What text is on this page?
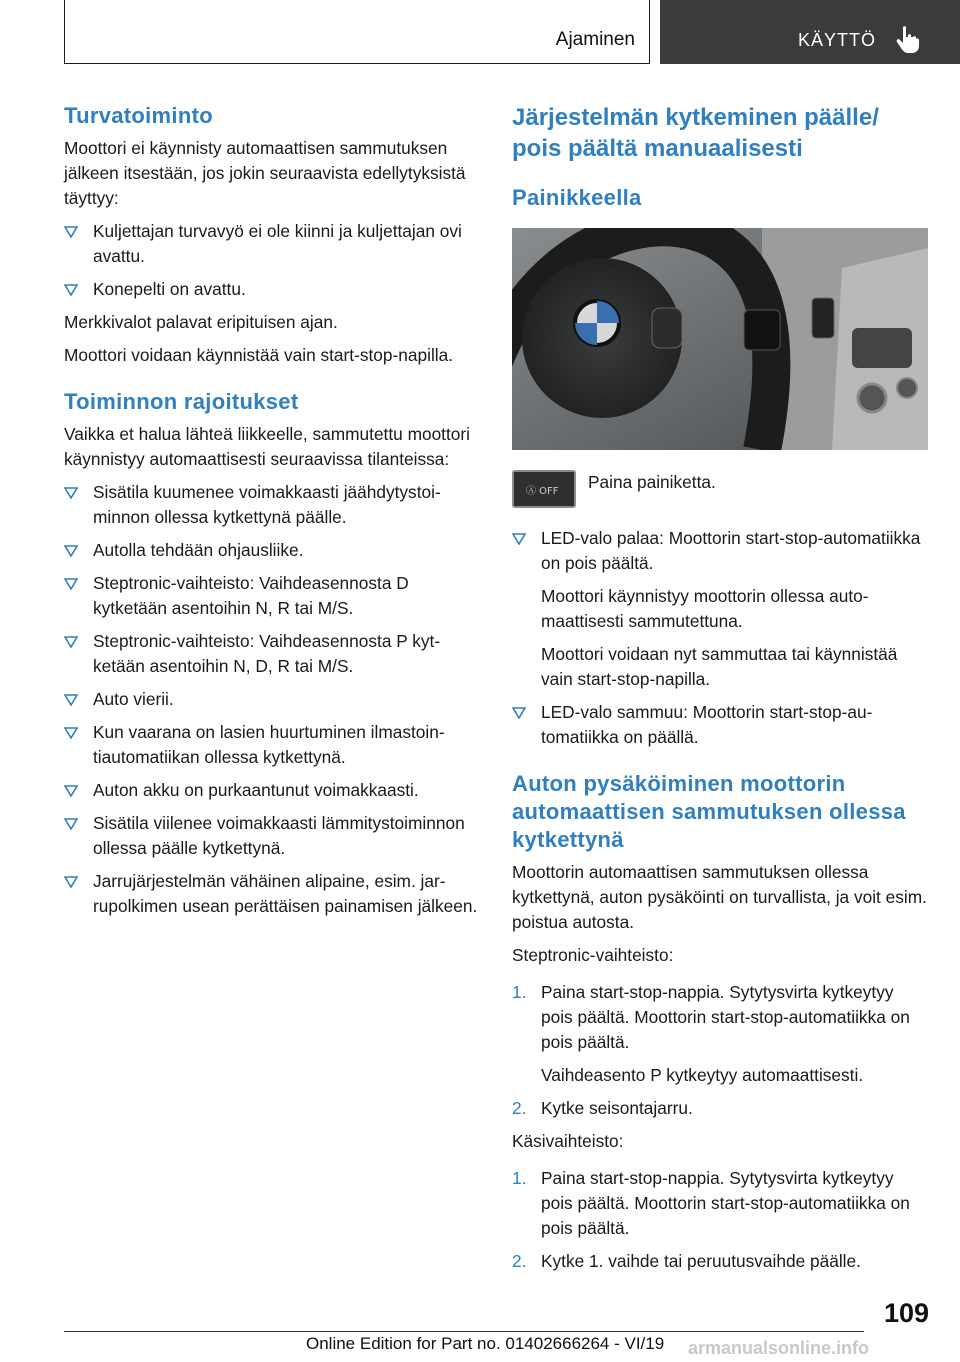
Ajaminen	KÄYTTÖ
Turvatoiminto
Moottori ei käynnisty automaattisen sammutuksen jälkeen itsestään, jos jokin seuraavista edellytyksistä täyttyy:
Kuljettajan turvavyö ei ole kiinni ja kuljettajan ovi avattu.
Konepelti on avattu.
Merkkivalot palavat eripituisen ajan.
Moottori voidaan käynnistää vain start-stop-napilla.
Toiminnon rajoitukset
Vaikka et halua lähteä liikkeelle, sammutettu moottori käynnistyy automaattisesti seuraavissa tilanteissa:
Sisätila kuumenee voimakkaasti jäähdytystoiminnon ollessa kytkettynä päälle.
Autolla tehdään ohjausliike.
Steptronic-vaihteisto: Vaihdeasennosta D kytketään asentoihin N, R tai M/S.
Steptronic-vaihteisto: Vaihdeasennosta P kytketään asentoihin N, D, R tai M/S.
Auto vierii.
Kun vaarana on lasien huurtuminen ilmastointiautomatiikan ollessa kytkettynä.
Auton akku on purkaantunut voimakkaasti.
Sisätila viilenee voimakkaasti lämmitystoiminnon ollessa päälle kytkettynä.
Jarrujärjestelmän vähäinen alipaine, esim. jarrupolkimen usean perättäisen painamisen jälkeen.
Järjestelmän kytkeminen päälle/ pois päältä manuaalisesti
Painikkeella
Ⓐ OFF	Paina painiketta.
LED-valo palaa: Moottorin start-stop-automatiikka on pois päältä.
Moottori käynnistyy moottorin ollessa automaattisesti sammutettuna.
Moottori voidaan nyt sammuttaa tai käynnistää vain start-stop-napilla.
LED-valo sammuu: Moottorin start-stop-automatiikka on päällä.
Auton pysäköiminen moottorin automaattisen sammutuksen ollessa kytkettynä
Moottorin automaattisen sammutuksen ollessa kytkettynä, auton pysäköinti on turvallista, ja voit esim. poistua autosta.
Steptronic-vaihteisto:
1. Paina start-stop-nappia. Sytytysvirta kytkeytyy pois päältä. Moottorin start-stop-automatiikka on pois päältä.
Vaihdeasento P kytkeytyy automaattisesti.
2. Kytke seisontajarru.
Käsivaihteisto:
1. Paina start-stop-nappia. Sytytysvirta kytkeytyy pois päältä. Moottorin start-stop-automatiikka on pois päältä.
2. Kytke 1. vaihde tai peruutusvaihde päälle.
109
Online Edition for Part no. 01402666264 - VI/19 armanualsonline.info
